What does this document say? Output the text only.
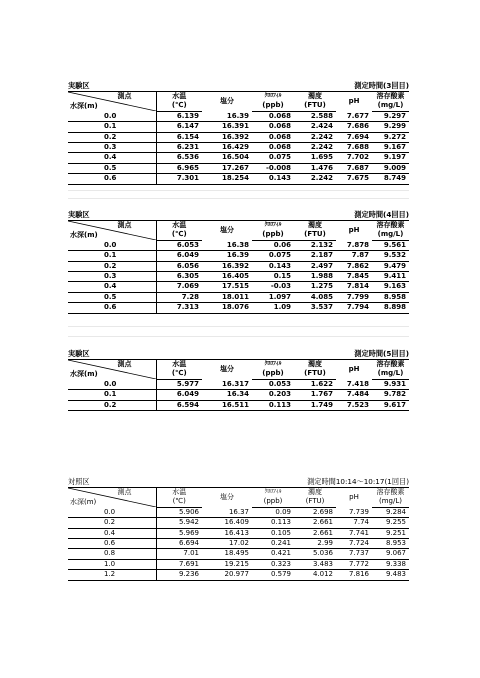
実験区	測定時間(3回目)
測点
水深(m)	水温	塩分	ｸﾛﾛﾌｨﾙ	濁度	pH	溶存酸素
	(℃)		(ppb)	(FTU)		(mg/L)
0.0	6.139	16.39	0.068	2.588	7.677	9.297
0.1	6.147	16.391	0.068	2.424	7.686	9.299
0.2	6.154	16.392	0.068	2.242	7.694	9.272
0.3	6.231	16.429	0.068	2.242	7.688	9.167
0.4	6.536	16.504	0.075	1.695	7.702	9.197
0.5	6.965	17.267	-0.008	1.476	7.687	9.009
0.6	7.301	18.254	0.143	2.242	7.675	8.749
実験区	測定時間(4回目)
測点
水深(m)	水温	塩分	ｸﾛﾛﾌｨﾙ	濁度	pH	溶存酸素
	(℃)		(ppb)	(FTU)		(mg/L)
0.0	6.053	16.38	0.06	2.132	7.878	9.561
0.1	6.049	16.39	0.075	2.187	7.87	9.532
0.2	6.056	16.392	0.143	2.497	7.862	9.479
0.3	6.305	16.405	0.15	1.988	7.845	9.411
0.4	7.069	17.515	-0.03	1.275	7.814	9.163
0.5	7.28	18.011	1.097	4.085	7.799	8.958
0.6	7.313	18.076	1.09	3.537	7.794	8.898
実験区	測定時間(5回目)
測点
水深(m)	水温	塩分	ｸﾛﾛﾌｨﾙ	濁度	pH	溶存酸素
	(℃)		(ppb)	(FTU)		(mg/L)
0.0	5.977	16.317	0.053	1.622	7.418	9.931
0.1	6.049	16.34	0.203	1.767	7.484	9.782
0.2	6.594	16.511	0.113	1.749	7.523	9.617
対照区	測定時間10:14～10:17(1回目)
測点
水深(m)	水温	塩分	ｸﾛﾛﾌｨﾙ	濁度	pH	溶存酸素
	(℃)		(ppb)	(FTU)		(mg/L)
0.0	5.906	16.37	0.09	2.698	7.739	9.284
0.2	5.942	16.409	0.113	2.661	7.74	9.255
0.4	5.969	16.413	0.105	2.661	7.741	9.251
0.6	6.694	17.02	0.241	2.99	7.724	8.953
0.8	7.01	18.495	0.421	5.036	7.737	9.067
1.0	7.691	19.215	0.323	3.483	7.772	9.338
1.2	9.236	20.977	0.579	4.012	7.816	9.483
